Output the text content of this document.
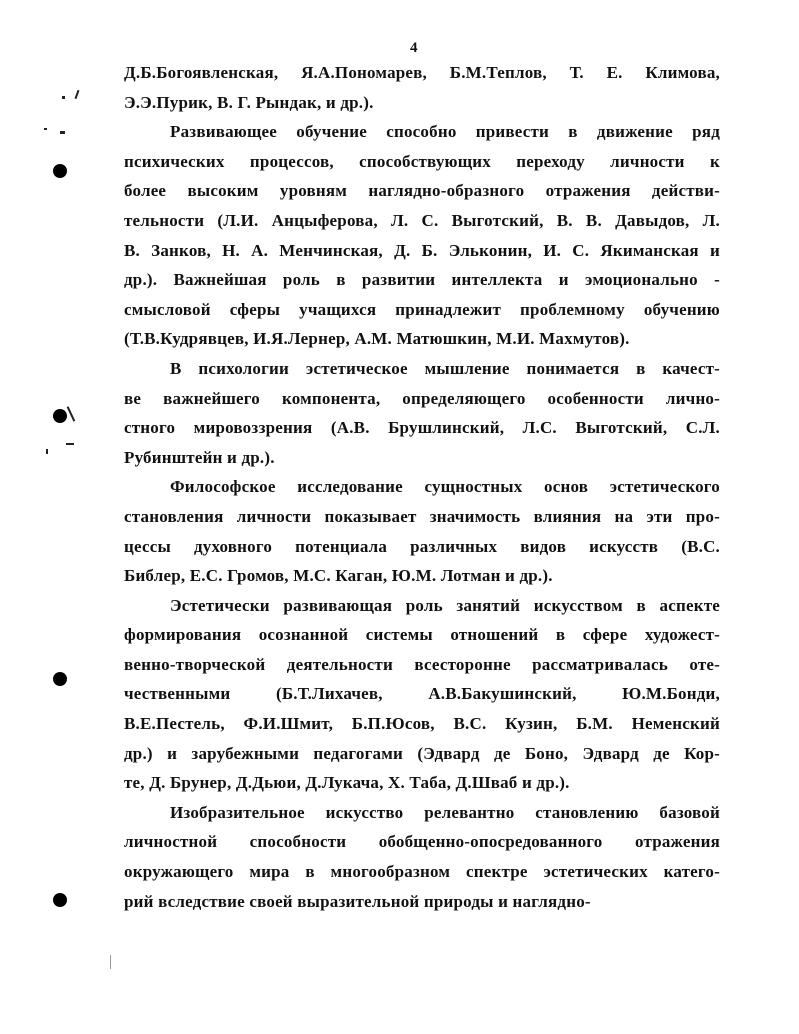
4
Д.Б.Богоявленская, Я.А.Пономарев, Б.М.Теплов, Т. Е. Климова,
Э.Э.Пурик, В. Г. Рындак, и др.).
Развивающее обучение способно привести в движение ряд
психических процессов, способствующих переходу личности к
более высоким уровням наглядно-образного отражения действи-
тельности (Л.И. Анцыферова, Л. С. Выготский, В. В. Давыдов, Л.
В. Занков, Н. А. Менчинская, Д. Б. Эльконин, И. С. Якиманская и
др.). Важнейшая роль в развитии интеллекта и эмоционально -
смысловой сферы учащихся принадлежит проблемному обучению
(Т.В.Кудрявцев, И.Я.Лернер, А.М. Матюшкин, М.И. Махмутов).
В психологии эстетическое мышление понимается в качест-
ве важнейшего компонента, определяющего особенности лично-
стного мировоззрения (А.В. Брушлинский, Л.С. Выготский, С.Л.
Рубинштейн и др.).
Философское исследование сущностных основ эстетического
становления личности показывает значимость влияния на эти про-
цессы духовного потенциала различных видов искусств (В.С.
Библер, Е.С. Громов, М.С. Каган, Ю.М. Лотман и др.).
Эстетически развивающая роль занятий искусством в аспекте
формирования осознанной системы отношений в сфере художест-
венно-творческой деятельности всесторонне рассматривалась оте-
чественными (Б.Т.Лихачев, А.В.Бакушинский, Ю.М.Бонди,
В.Е.Пестель, Ф.И.Шмит, Б.П.Юсов, В.С. Кузин, Б.М. Неменский
др.) и зарубежными педагогами (Эдвард де Боно, Эдвард де Кор-
те, Д. Брунер, Д.Дьюи, Д.Лукача, Х. Таба, Д.Шваб и др.).
Изобразительное искусство релевантно становлению базовой
личностной способности обобщенно-опосредованного отражения
окружающего мира в многообразном спектре эстетических катего-
рий вследствие своей выразительной природы и наглядно-
